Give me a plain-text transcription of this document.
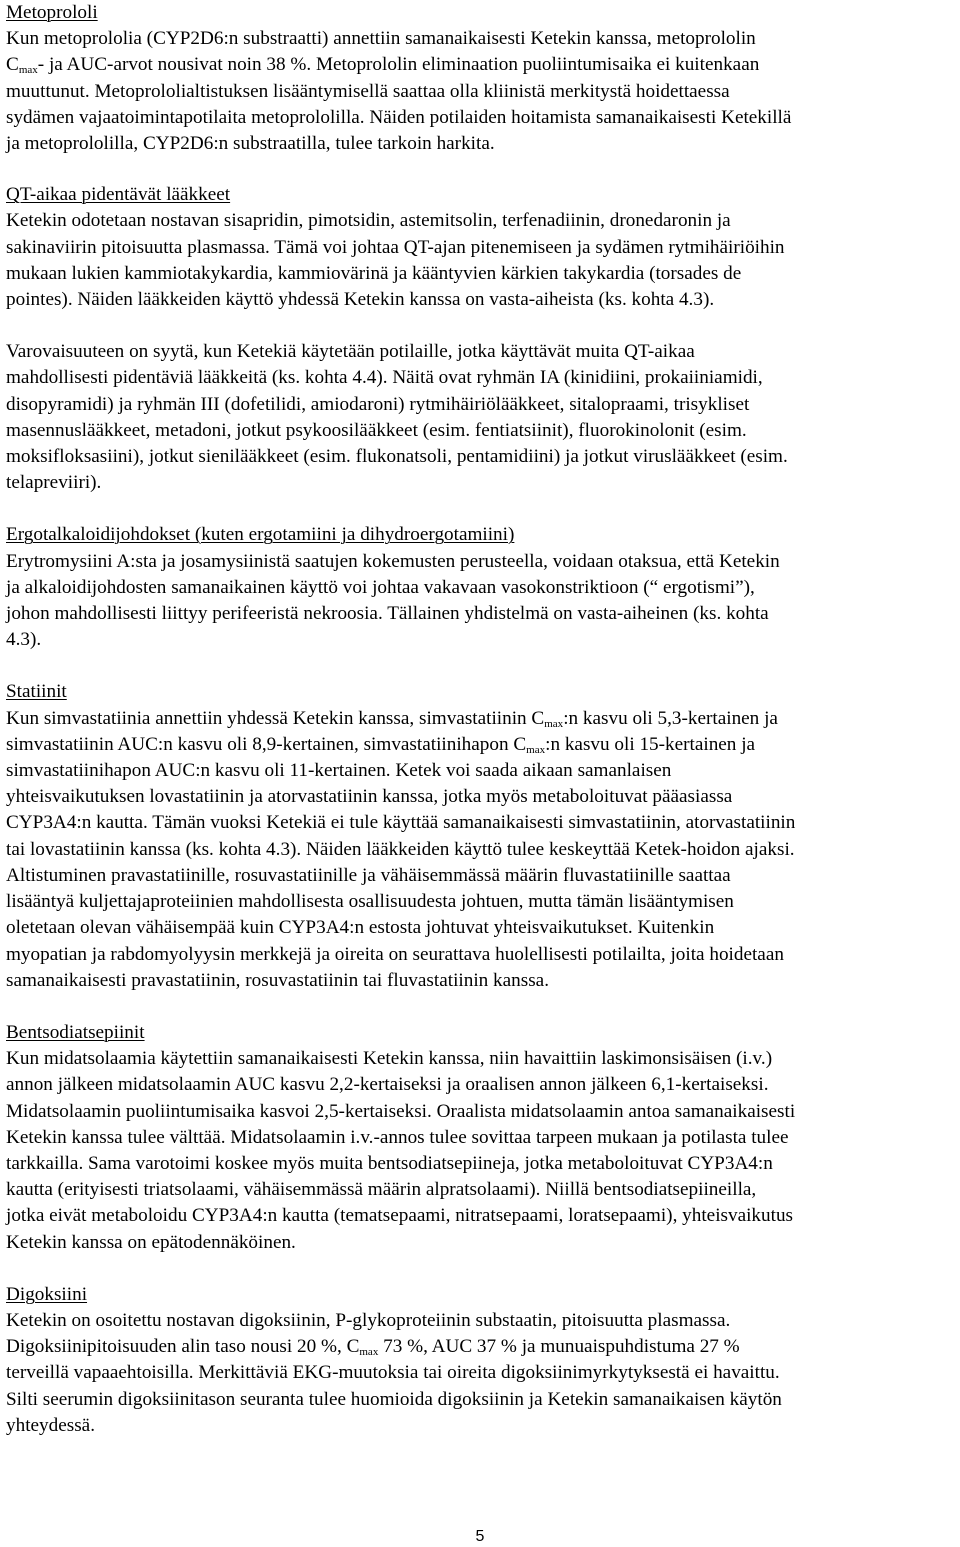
Metoprololi

Kun metoprololia (CYP2D6:n substraatti) annettiin samanaikaisesti Ketekin kanssa, metoprololin

$C_{max}-$ ja AUC-arvot nousivat noin 38 %. Metoprololin eliminaation puoliintumisaika ei kuitenkaan

muuttunut. Metoprololialtistuksen lisääntymisellä saattaa olla kliinistä merkitystä hoidettaessa

sydämen vajaatoimintapotilaita metoprololilla. Näiden potilaiden hoitamista samanaikaisesti Ketekillä

ja metoprololilla, CYP2D6:n substraatilla, tulee tarkoin harkita.

QT-aikaa pidentävät lääkkeet

Ketekin odotetaan nostavan sisapridin, pimotsidin, astemitsolin, terfenadiinin, dronedaronin ja

sakinaviirin pitoisuutta plasmassa. Tämä voi johtaa QT-ajan pitenemiseen ja sydämen rytmihäiriöihin

mukaan lukien kammiotakykardia, kammiovärinä ja kääntyvien kärkien takykardia (torsades de

pointes). Näiden lääkkeiden käyttö yhdessä Ketekin kanssa on vasta-aiheista (ks. kohta 4.3).

Varovaisuuteen on syytä, kun Ketekiä käytetään potilaille, jotka käyttävät muita QT-aikaa

mahdollisesti pidentäviä lääkkeitä (ks. kohta 4.4). Näitä ovat ryhmän IA (kinidiini, prokaiiniamidi,

disopyramidi) ja ryhmän III (dofetilidi, amiodaroni) rytmihäiriölääkkeet, sitalopraami, trisykliset

masennuslääkkeet, metadoni, jotkut psykoosilääkkeet (esim. fentiatsiinit), fluorokinolonit (esim.

moksifloksasiini), jotkut sienilääkkeet (esim. flukonatsoli, pentamidiini) ja jotkut viruslääkkeet (esim.

telapreviiri).

Ergotalkaloidijohdokset (kuten ergotamiini ja dihydroergotamiini)

Erytromysiini A:sta ja josamysiinistä saatujen kokemusten perusteella, voidaan otaksua, että Ketekin

ja alkaloidijohdosten samanaikainen käyttö voi johtaa vakavaan vasokonstriktioon (“ ergotismi”),

johon mahdollisesti liittyy perifeeristä nekroosia. Tällainen yhdistelmä on vasta-aiheinen (ks. kohta

4.3).

Statiinit

Kun simvastatiinia annettiin yhdessä Ketekin kanssa, simvastatiinin $C_{max}:n$ kasvu oli 5,3-kertainen ja

simvastatiinin AUC:n kasvu oli 8,9-kertainen, simvastatiinihapon $C_{max}:n$ kasvu oli 15-kertainen ja

simvastatiinihapon AUC:n kasvu oli 11-kertainen. Ketek voi saada aikaan samanlaisen

yhteisvaikutuksen lovastatiinin ja atorvastatiinin kanssa, jotka myös metaboloituvat pääasiassa

CYP3A4:n kautta. Tämän vuoksi Ketekiä ei tule käyttää samanaikaisesti simvastatiinin, atorvastatiinin

tai lovastatiinin kanssa (ks. kohta 4.3). Näiden lääkkeiden käyttö tulee keskeyttää Ketek-hoidon ajaksi.

Altistuminen pravastatiinille, rosuvastatiinille ja vähäisemmässä määrin fluvastatiinille saattaa

lisääntyä kuljettajaproteiinien mahdollisesta osallisuudesta johtuen, mutta tämän lisääntymisen

oletetaan olevan vähäisempää kuin CYP3A4:n estosta johtuvat yhteisvaikutukset. Kuitenkin

myopatian ja rabdomyolyysin merkkejä ja oireita on seurattava huolellisesti potilailta, joita hoidetaan

samanaikaisesti pravastatiinin, rosuvastatiinin tai fluvastatiinin kanssa.

Bentsodiatsepiinit

Kun midatsolaamia käytettiin samanaikaisesti Ketekin kanssa, niin havaittiin laskimonsisäisen (i.v.)

annon jälkeen midatsolaamin AUC kasvu 2,2-kertaiseksi ja oraalisen annon jälkeen 6,1-kertaiseksi.

Midatsolaamin puoliintumisaika kasvoi 2,5-kertaiseksi. Oraalista midatsolaamin antoa samanaikaisesti

Ketekin kanssa tulee välttää. Midatsolaamin i.v.-annos tulee sovittaa tarpeen mukaan ja potilasta tulee

tarkkailla. Sama varotoimi koskee myös muita bentsodiatsepiineja, jotka metaboloituvat CYP3A4:n

kautta (erityisesti triatsolaami, vähäisemmässä määrin alpratsolaami). Niillä bentsodiatsepiineilla,

jotka eivät metaboloidu CYP3A4:n kautta (tematsepaami, nitratsepaami, loratsepaami), yhteisvaikutus

Ketekin kanssa on epätodennäköinen.

Digoksiini

Ketekin on osoitettu nostavan digoksiinin, P-glykoproteiinin substaatin, pitoisuutta plasmassa.

Digoksiinipitoisuuden alin taso nousi 20 %, $C_{max}$ 73 %, AUC 37 % ja munuaispuhdistuma 27 %

terveillä vapaaehtoisilla. Merkittäviä EKG-muutoksia tai oireita digoksiinimyrkytyksestä ei havaittu.

Silti seerumin digoksiinitason seuranta tulee huomioida digoksiinin ja Ketekin samanaikaisen käytön

yhteydessä.

5
